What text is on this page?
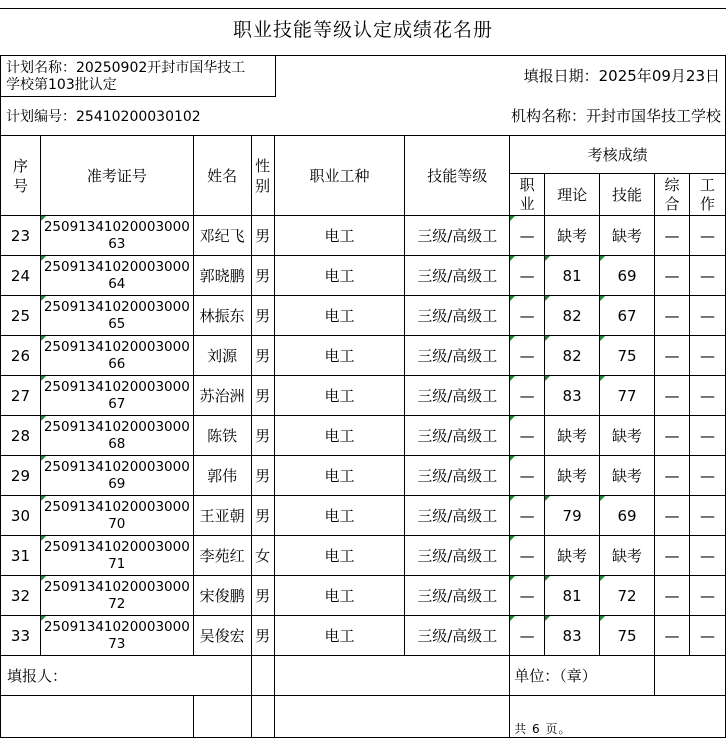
职业技能等级认定成绩花名册
计划名称：20250902开封市国华技工
学校第103批认定	填报日期：2025年09月23日
计划编号：25410200030102	机构名称：开封市国华技工学校
序号	准考证号	姓名	性别	职业工种	技能等级	考核成绩				

						职业	理论	技能	综合	工作

23	2509134102000300063	邓纪飞	男	电工	三级/高级工	—	缺考	缺考	—	—
24	2509134102000300064	郭晓鹏	男	电工	三级/高级工	—	81	69	—	—
25	2509134102000300065	林振东	男	电工	三级/高级工	—	82	67	—	—
26	2509134102000300066	刘源	男	电工	三级/高级工	—	82	75	—	—
27	2509134102000300067	苏治洲	男	电工	三级/高级工	—	83	77	—	—
28	2509134102000300068	陈铁	男	电工	三级/高级工	—	缺考	缺考	—	—
29	2509134102000300069	郭伟	男	电工	三级/高级工	—	缺考	缺考	—	—
30	2509134102000300070	王亚朝	男	电工	三级/高级工	—	79	69	—	—
31	2509134102000300071	李苑红	女	电工	三级/高级工	—	缺考	缺考	—	—
32	2509134102000300072	宋俊鹏	男	电工	三级/高级工	—	81	72	—	—
33	2509134102000300073	吴俊宏	男	电工	三级/高级工	—	83	75	—	—
填报人：						单位：（章）				
						共 6 页。				
